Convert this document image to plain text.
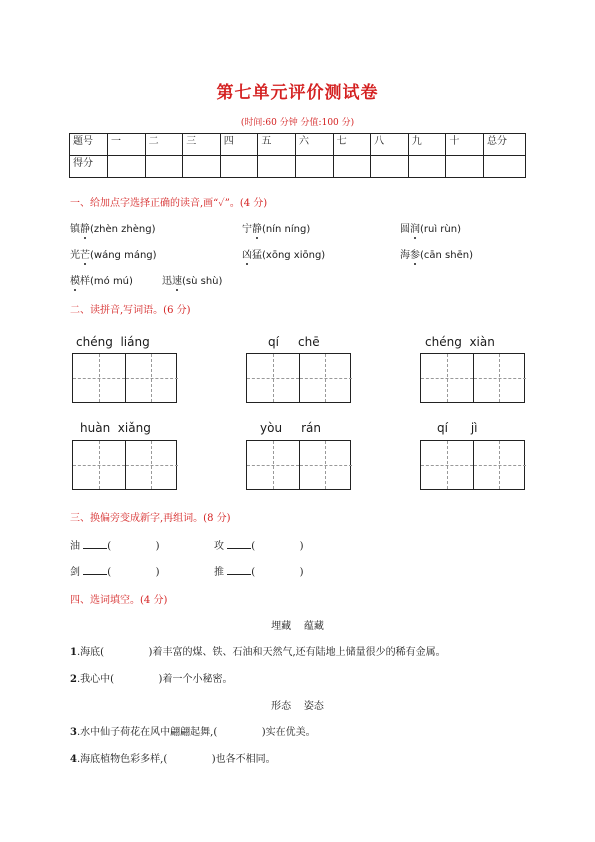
第七单元评价测试卷
(时间:60 分钟 分值:100 分)
题号	一	二	三	四	五	六	七	八	九	十	总分
得分											
一、给加点字选择正确的读音,画“✓”。(4 分)
镇静(zhèn zhèng)	宁静(nín níng)	圆润(ruì rùn)
光芒(wáng máng)	凶猛(xōng xiōng)	海参(cān shēn)
模样(mó mú)	迅速(sù shù)
二、读拼音,写词语。(6 分)
chéng  liáng	qí     chē	chéng  xiàn
huàn  xiǎng	yòu     rán	qí      jì
三、换偏旁变成新字,再组词。(8 分)
油	(              )	攻	(              )
剑	(              )	推	(              )
四、选词填空。(4 分)
埋藏    蕴藏
1.海底(              )着丰富的煤、铁、石油和天然气,还有陆地上储量很少的稀有金属。
2.我心中(              )着一个小秘密。
形态    姿态
3.水中仙子荷花在风中翩翩起舞,(              )实在优美。
4.海底植物色彩多样,(              )也各不相同。
